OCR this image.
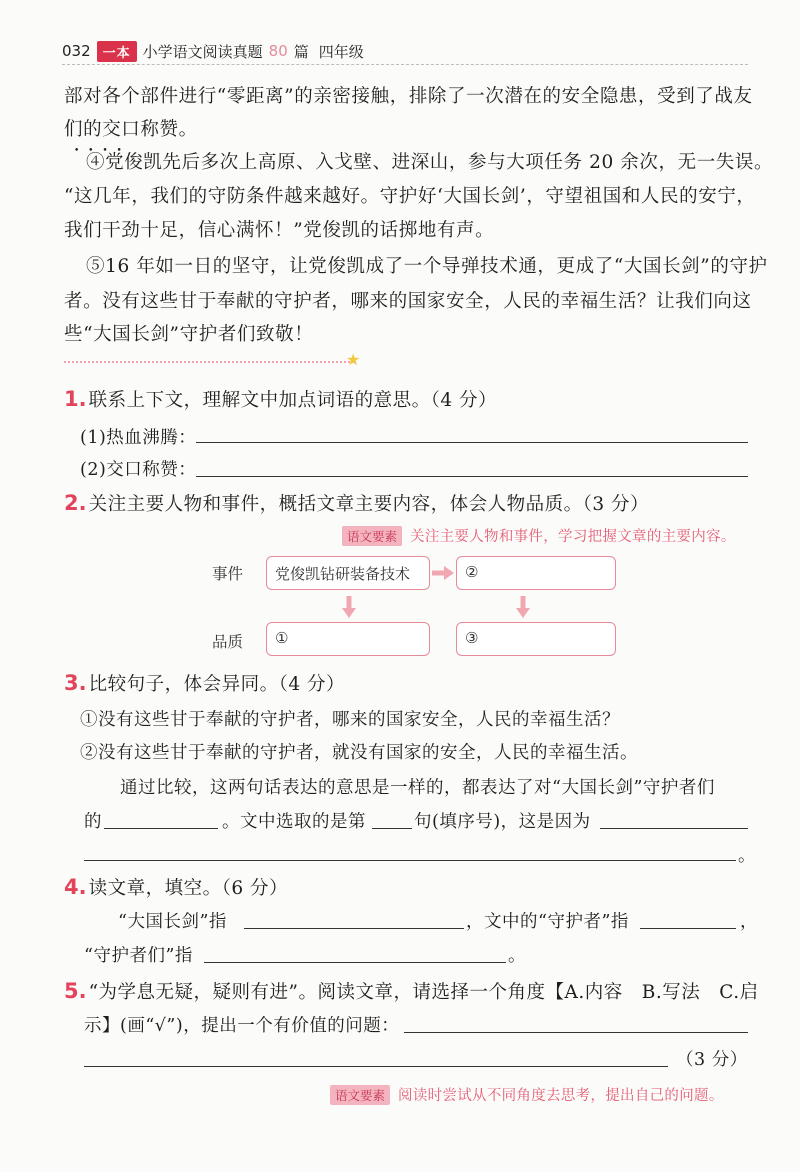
032 一本 小学语文阅读真题 80 篇 四年级
部对各个部件进行“零距离”的亲密接触，排除了一次潜在的安全隐患，受到了战友
们的交口称赞。 • • • •
④党俊凯先后多次上高原、入戈壁、进深山，参与大项任务 20 余次，无一失误。
“这几年，我们的守防条件越来越好。守护好‘大国长剑’，守望祖国和人民的安宁，
我们干劲十足，信心满怀！”党俊凯的话掷地有声。
⑤16 年如一日的坚守，让党俊凯成了一个导弹技术通，更成了“大国长剑”的守护
者。没有这些甘于奉献的守护者，哪来的国家安全，人民的幸福生活？让我们向这
些“大国长剑”守护者们致敬！
★
1. 联系上下文，理解文中加点词语的意思。（4 分）
(1)热血沸腾：
(2)交口称赞：
2. 关注主要人物和事件，概括文章主要内容，体会人物品质。（3 分）
语文要素 关注主要人物和事件，学习把握文章的主要内容。
事件
品质
党俊凯钻研装备技术	②
①	③
3. 比较句子，体会异同。（4 分）
①没有这些甘于奉献的守护者，哪来的国家安全，人民的幸福生活？
②没有这些甘于奉献的守护者，就没有国家的安全，人民的幸福生活。
通过比较，这两句话表达的意思是一样的，都表达了对“大国长剑”守护者们
的	。文中选取的是第	句(填序号)，这是因为
。
4. 读文章，填空。（6 分）
“大国长剑”指	，文中的“守护者”指	，
“守护者们”指	。
5. “为学息无疑，疑则有进”。阅读文章，请选择一个角度【A.内容　B.写法　C.启
示】(画“√”)，提出一个有价值的问题：
（3 分）
语文要素 阅读时尝试从不同角度去思考，提出自己的问题。
